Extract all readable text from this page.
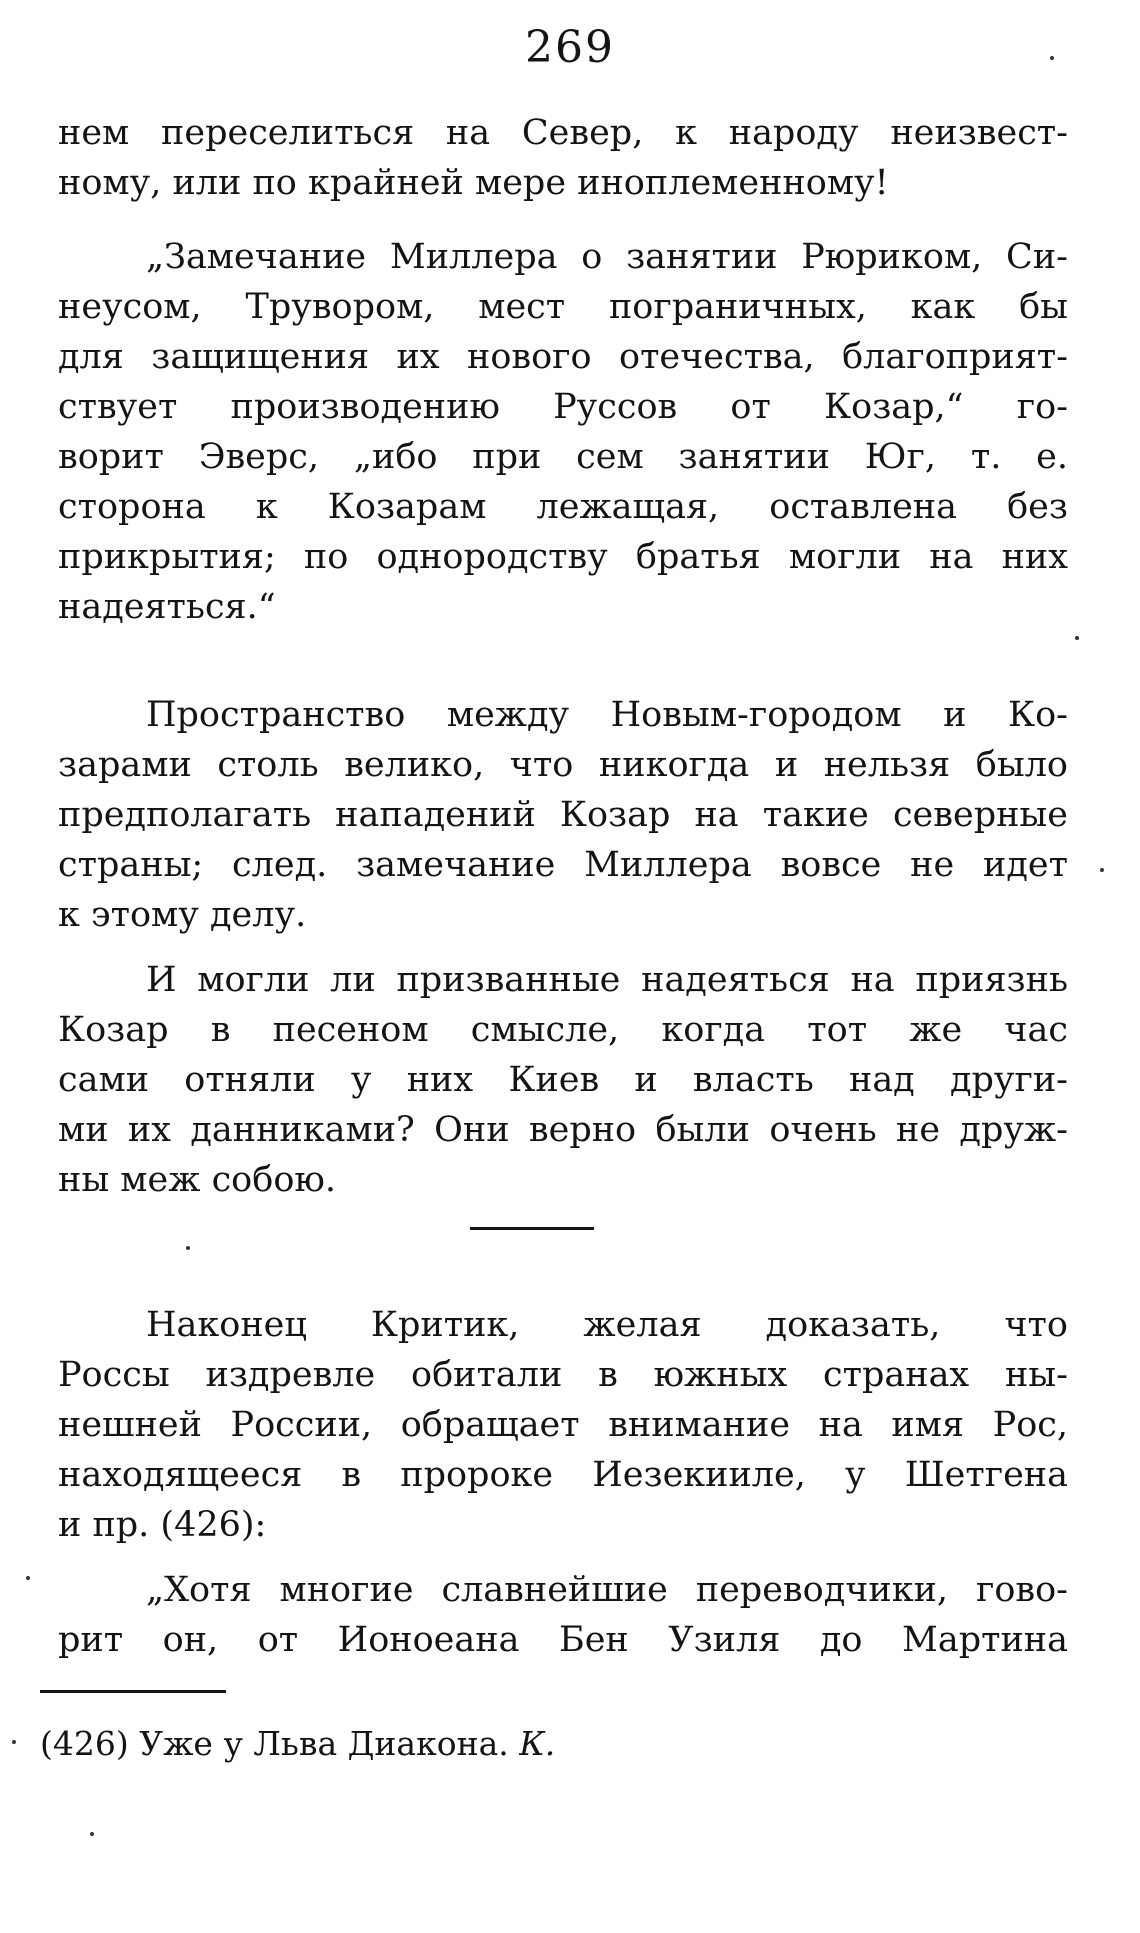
269
нем переселиться на Север, к народу неизвест-
ному, или по крайней мере иноплеменному!
„Замечание Миллера о занятии Рюриком, Си-
неусом, Трувором, мест пограничных, как бы
для защищения их нового отечества, благоприят-
ствует производению Руссов от Козар,“ го-
ворит Эверс, „ибо при сем занятии Юг, т. е.
сторона к Козарам лежащая, оставлена без
прикрытия; по однородству братья могли на них
надеяться.“
Пространство между Новым-городом и Ко-
зарами столь велико, что никогда и нельзя было
предполагать нападений Козар на такие северные
страны; след. замечание Миллера вовсе не идет
к этому делу.
И могли ли призванные надеяться на приязнь
Козар в песеном смысле, когда тот же час
сами отняли у них Киев и власть над други-
ми их данниками? Они верно были очень не друж-
ны меж собою.
Наконец Критик, желая доказать, что
Россы издревле обитали в южных странах ны-
нешней России, обращает внимание на имя Рос,
находящееся в пророке Иезекииле, у Шетгена
и пр. (426):
„Хотя многие славнейшие переводчики, гово-
рит он, от Ионоеана Бен Узиля до Мартина
(426) Уже у Льва Диакона. К.
